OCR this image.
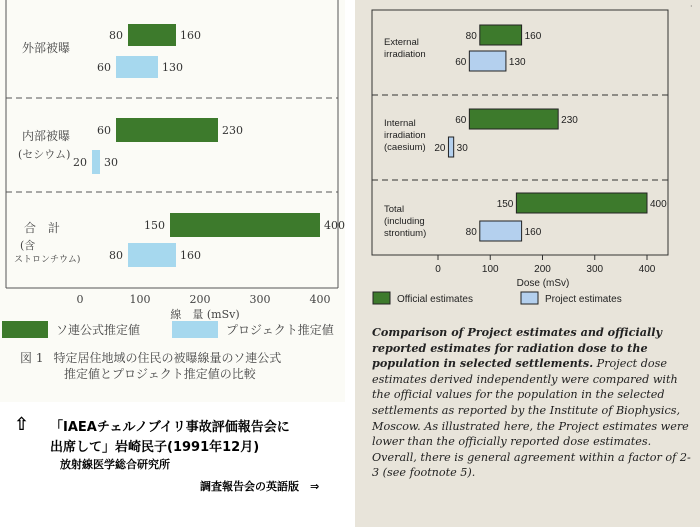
80	160
60	130
60	230
20 30
150	400
80	160
外部被曝
内部被曝
(セシウム)
合　計
(含
ストロンチウム)
0	100	200	300	400
線　量 (mSv)
ソ連公式推定値	プロジェクト推定値
80	160
60	130
60	230
20 30
150	400
80	160
External
irradiation
Internal
irradiation
(caesium)
Total
(including
strontium)
0	100	200	300	400
Dose (mSv)
Official estimates	Project estimates
図 1 特定居住地域の住民の被曝線量のソ連公式
推定値とプロジェクト推定値の比較
⇧ 「IAEAチェルノブイリ事故評価報告会に
出席して」岩崎民子(1991年12月)
放射線医学総合研究所
調査報告会の英語版　⇒
Comparison of Project estimates and officially reported estimates for radiation dose to the population in selected settlements. Project dose estimates derived independently were compared with the official values for the population in the selected settlements as reported by the Institute of Biophysics, Moscow. As illustrated here, the Project estimates were lower than the officially reported dose estimates. Overall, there is general agreement within a factor of 2-3 (see footnote 5).
·
